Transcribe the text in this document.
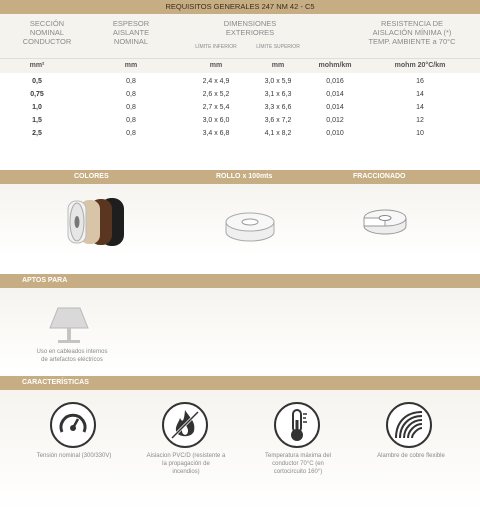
REQUISITOS GENERALES 247 NM 42 - C5
SECCIÓN
NOMINAL
CONDUCTOR
ESPESOR
AISLANTE
NOMINAL
DIMENSIONES
EXTERIORES
LÍMITE INFERIOR	LÍMITE SUPERIOR
RESISTENCIA DE
AISLACIÓN MÍNIMA (*)
TEMP. AMBIENTE a 70°C
mm²	mm	mm	mm	mohm/km	mohm 20°C/km
0,5	0,8	2,4 x 4,9	3,0 x 5,9	0,016	16
0,75	0,8	2,6 x 5,2	3,1 x 6,3	0,014	14
1,0	0,8	2,7 x 5,4	3,3 x 6,6	0,014	14
1,5	0,8	3,0 x 6,0	3,6 x 7,2	0,012	12
2,5	0,8	3,4 x 6,8	4,1 x 8,2	0,010	10
COLORES	ROLLO x 100mts	FRACCIONADO
APTOS PARA
Uso en cableados internos
de artefactos eléctricos
CARACTERÍSTICAS
Tensión nominal (300/330V)	Aislacion PVC/D (resistente a
la propagación de
incendios)
Temperatura máxima del
conductor 70°C (en
cortocircuito 160°)
Alambre de cobre flexible
